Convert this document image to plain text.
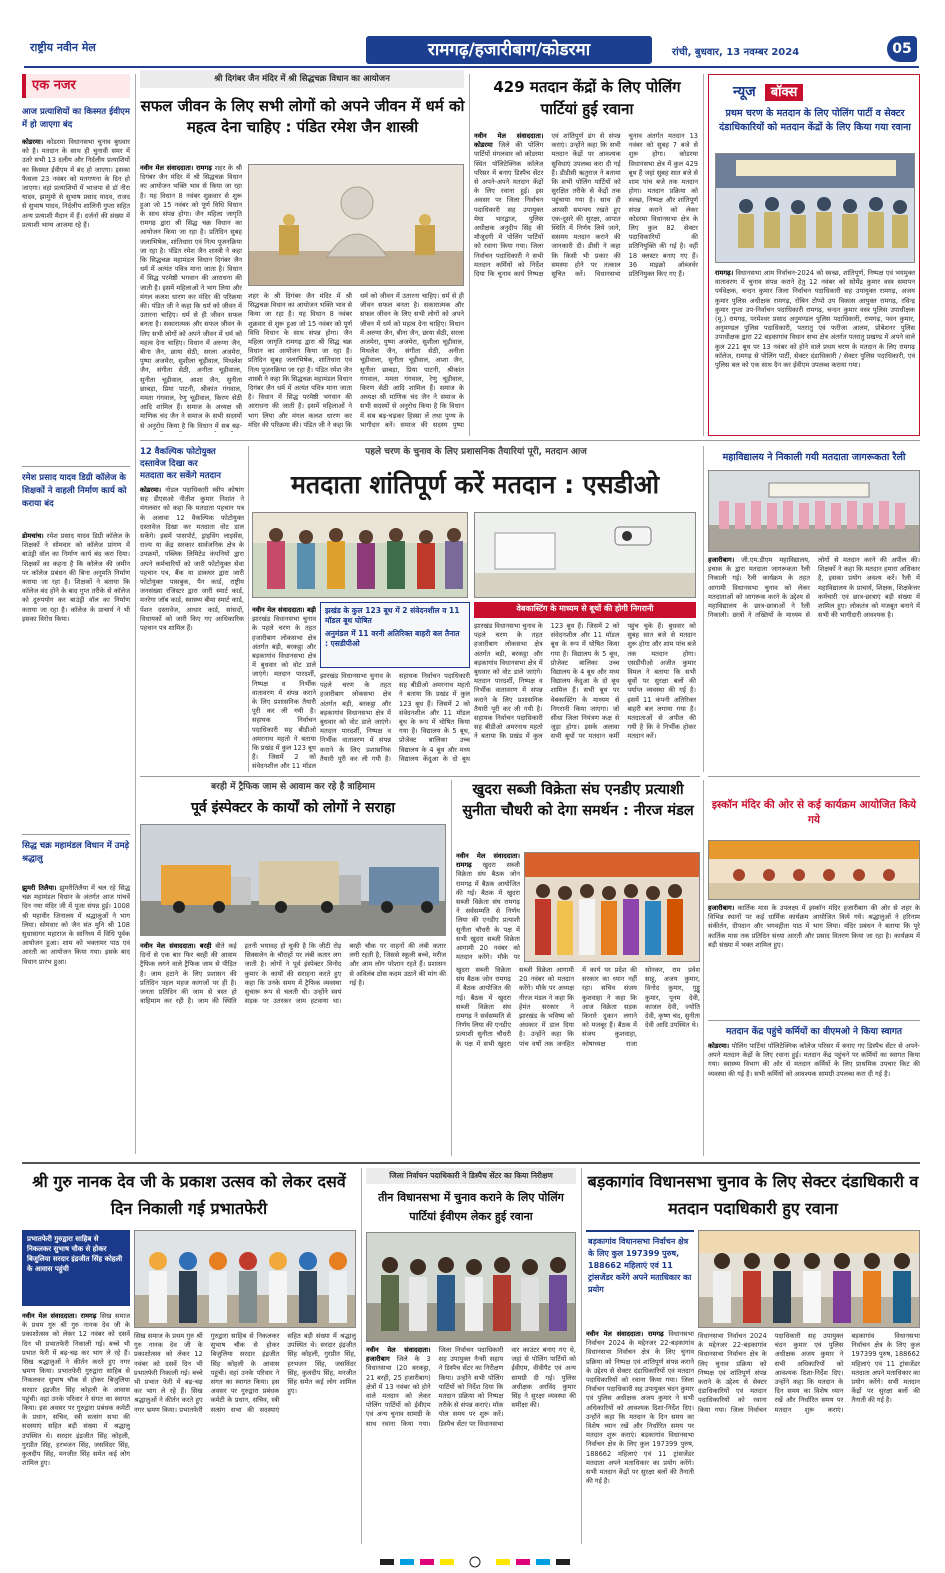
राष्ट्रीय नवीन मेल	रामगढ़/हजारीबाग/कोडरमा	रांची, बुधवार, 13 नवम्बर 2024	05
एक नजर
आज प्रत्याशियों का किस्मत ईवीएम में हो जाएगा बंद
कोडरमा। कोडरमा विधानसभा चुनाव बुधवार को है। मतदान के साथ ही चुनावी समर में उतरे सभी 13 दलीय और निर्दलीय प्रत्याशियों का किस्मत ईवीएम में बंद हो जाएगा। इसका फैसला 23 नवंबर को मतगणना के दिन हो जाएगा। वहां प्रत्याशियों में भाजपा से डॉ नीरा यादव, झामुमो से सुभाष प्रसाद यादव, राजद से सुभाष यादव, निर्दलीय शालिनी गुप्ता सहित अन्य प्रत्याशी मैदान में हैं। दर्जनों की संख्या में प्रत्याशी भाग्य आजमा रहे हैं।
रमेश प्रसाद यादव डिग्री कॉलेज के शिक्षकों ने वाहली निर्माण कार्य को कराया बंद
डोमचांच। रमेश प्रसाद यादव डिग्री कॉलेज के शिक्षकों ने सोमवार को कॉलेज प्रांगण में बाउंड्री वॉल का निर्माण कार्य बंद करा दिया। शिक्षकों का कहना है कि कॉलेज की जमीन पर कॉलेज प्रबंधन की बिना अनुमति निर्माण कराया जा रहा है। शिक्षकों ने बताया कि कॉलेज बंद होने के बाद गुप्त तरीके से कॉलेज को दुरुपयोग कर बाउंड्री वॉल का निर्माण कराया जा रहा है। कॉलेज के प्राचार्य ने भी इसका विरोध किया।
सिद्ध चक्र महामंडल विधान में उमड़े श्रद्धालु
झुमरी तिलैया। झुमरीतिलैया में चल रहे सिद्ध चक्र महामंडल विधान के अंतर्गत आज पांचवें दिन नया मंदिर जी में पूजा संपन्न हुई। 1008 श्री महावीर जिनालय में श्रद्धालुओं ने भाग लिया। सोमवार को जैन संत मुनि श्री 108 सुधासागर महाराज के सानिध्य में विधि पूर्वक आयोजन हुआ। शाम को भक्तामर पाठ एवं आरती का आयोजन किया गया। इसके बाद विधान प्रारंभ हुआ।
श्री दिगंबर जैन मंदिर में श्री सिद्धचक्र विधान का आयोजन
सफल जीवन के लिए सभी लोगों को अपने जीवन में धर्म को महत्व देना चाहिए : पंडित रमेश जैन शास्त्री
नवीन मेल संवाददाता। रामगढ़ शहर के श्री दिगंबर जैन मंदिर में श्री सिद्धचक्र विधान का आयोजन भक्ति भाव से किया जा रहा है। यह विधान 8 नवंबर शुक्रवार से शुरू हुआ जो 15 नवंबर को पूर्ण विधि विधान के साथ संपन्न होगा। जैन महिला जागृति रामगढ़ द्वारा श्री सिद्ध चक्र विधान का आयोजन किया जा रहा है। प्रतिदिन सुबह जलाभिषेक, शांतिधारा एवं नित्य पूजनक्रिया जा रहा है। पंडित रमेश जैन शास्त्री ने कहा कि सिद्धचक्र महामंडल विधान दिगंबर जैन धर्म में अत्यंत पवित्र माना जाता है। विधान में सिद्ध परमेष्ठी भगवान की आराधना की जाती है। इसमें महिलाओं ने भाग लिया और मंगल कलश धारण कर मंदिर की परिक्रमा की। पंडित जी ने कहा कि धर्म को जीवन में उतारना चाहिए। धर्म से ही जीवन सफल बनता है। सकारात्मक और सफल जीवन के लिए सभी लोगों को अपने जीवन में धर्म को महत्व देना चाहिए। विधान में अरुणा जैन, बीना जैन, छाया सेठी, सरला अजमेरा, पुष्पा अजमेरा, सुशीला चूड़ीवाल, मिथलेश जैन, संगीता सेठी, अनीता चूड़ीवाला, सुनीता चूड़ीवाल, आशा जैन, सुनीता छाबड़ा, प्रिया पाटनी, श्रीकांत गंगवाल, ममता गंगवाल, रेणु चूड़ीवाल, किरण सेठी आदि शामिल हैं। समाज के अध्यक्ष श्री माणिक चंद जैन ने समाज के सभी सदस्यों से अनुरोध किया है कि विधान में सब बढ़-
शहर के श्री दिगंबर जैन मंदिर में श्री सिद्धचक्र विधान का आयोजन भक्ति भाव से किया जा रहा है। यह विधान 8 नवंबर शुक्रवार से शुरू हुआ जो 15 नवंबर को पूर्ण विधि विधान के साथ संपन्न होगा। जैन महिला जागृति रामगढ़ द्वारा श्री सिद्ध चक्र विधान का आयोजन किया जा रहा है। प्रतिदिन सुबह जलाभिषेक, शांतिधारा एवं नित्य पूजनक्रिया जा रहा है। पंडित रमेश जैन शास्त्री ने कहा कि सिद्धचक्र महामंडल विधान दिगंबर जैन धर्म में अत्यंत पवित्र माना जाता है। विधान में सिद्ध परमेष्ठी भगवान की आराधना की जाती है। इसमें महिलाओं ने भाग लिया और मंगल कलश धारण कर मंदिर की परिक्रमा की। पंडित जी ने कहा कि धर्म को जीवन में उतारना चाहिए। धर्म से ही जीवन सफल बनता है। सकारात्मक और सफल जीवन के लिए सभी लोगों को अपने जीवन में धर्म को महत्व देना चाहिए। विधान में अरुणा जैन, बीना जैन, छाया सेठी, सरला अजमेरा, पुष्पा अजमेरा, सुशीला चूड़ीवाल, मिथलेश जैन, संगीता सेठी, अनीता चूड़ीवाला, सुनीता चूड़ीवाल, आशा जैन, सुनीता छाबड़ा, प्रिया पाटनी, श्रीकांत गंगवाल, ममता गंगवाल, रेणु चूड़ीवाल, किरण सेठी आदि शामिल हैं। समाज के अध्यक्ष श्री माणिक चंद जैन ने समाज के सभी सदस्यों से अनुरोध किया है कि विधान में सब बढ़-चढ़कर हिस्सा लें तथा पुण्य के भागीदार बनें। समाज की सदस्य पुष्पा
429 मतदान केंद्रों के लिए पोलिंग पार्टियां हुई रवाना
नवीन मेल संवाददाता। कोडरमा जिले की पोलिंग पार्टियों मंगलवार को कोडरमा स्थित पॉलिटेक्निक कॉलेज परिसर में बनाए डिस्पैच सेंटर से अपने-अपने मतदान केंद्रों के लिए रवाना हुई। इस अवसर पर जिला निर्वाचन पदाधिकारी सह उपायुक्त मेघा भारद्वाज, पुलिस अधीक्षक अनुदीप सिंह की मौजूदगी में पोलिंग पार्टियों को रवाना किया गया। जिला निर्वाचन पदाधिकारी ने सभी मतदान कर्मियों को निर्देश दिया कि चुनाव कार्य निष्पक्ष एवं शांतिपूर्ण ढंग से संपन्न कराएं। उन्होंने कहा कि सभी मतदान केंद्रों पर आवश्यक सुविधाएं उपलब्ध करा दी गई हैं। डीडीसी ऋतुराज ने बताया कि सभी पोलिंग पार्टियों को सुरक्षित तरीके से केंद्रों तक पहुंचाया गया है। साथ ही आपसी समन्वय रखते हुए एक-दूसरे की सुरक्षा, आपात स्थिति में निर्णय लिये जाने, ससमय मतदान कराने की जानकारी दी। डीसी ने कहा कि किसी भी प्रकार की समस्या होने पर तत्काल सूचित करें। विधानसभा चुनाव अंतर्गत मतदान 13 नवंबर को सुबह 7 बजे से शुरू होगा। कोडरमा विधानसभा क्षेत्र में कुल 429 बूथ हैं जहां सुबह सात बजे से शाम पांच बजे तक मतदान होगा। मतदान प्रक्रिया को स्वच्छ, निष्पक्ष और शांतिपूर्ण संपन्न कराने को लेकर कोडरमा विधानसभा क्षेत्र के लिए कुल 82 सेक्टर पदाधिकारियों की प्रतिनियुक्ति की गई है। वहीं 18 क्लस्टर बनाए गए हैं। 36 माइक्रो ऑब्जर्वर प्रतिनियुक्त किए गए हैं।
न्यूज बॉक्स
प्रथम चरण के मतदान के लिए पोलिंग पार्टी व सेक्टर दंडाधिकारियों को मतदान केंद्रों के लिए किया गया रवाना
रामगढ़। विधानसभा आम निर्वाचन-2024 को स्वच्छ, शांतिपूर्ण, निष्पक्ष एवं भयमुक्त वातावरण में चुनाव संपन्न कराने हेतु 12 नवंबर को सोमेंद्र कुमार वस्त्र समापन पर्यवेक्षक, चन्दन कुमार जिला निर्वाचन पदाधिकारी सह उपायुक्त रामगढ़, अजय कुमार पुलिस अधीक्षक रामगढ़, रोबिन टोप्पो उप विकास आयुक्त रामगढ़, रविन्द्र कुमार गुप्ता उप-निर्वाचन पदाधिकारी रामगढ़, चन्दन कुमार वस्त्र पुलिस उपाधीक्षक (मु.) रामगढ़, परमेश्वर प्रसाद अनुमण्डल पुलिस पदाधिकारी, रामगढ़, पवन कुमार, अनुमण्डल पुलिस पदाधिकारी, पतरातु एवं फरीजा आलम, प्रोबेशनर पुलिस उपाधीक्षक द्वारा 22 बड़कागांव विधान सभा क्षेत्र अंतर्गत पतरातु प्रखण्ड में अपने वाले कुल 221 बूथ पर 13 नवंबर को होने वाले प्रथम चरण के मतदान के लिए रामगढ़ कॉलेज, रामगढ़ से पोलिंग पार्टी, सेक्टर दंडाधिकारी / सेक्टर पुलिस पदाधिकारी, एवं पुलिस बल को एक साथ दैन कर ईवीएम उपलब्ध कराया गया।
12 वैकल्पिक फोटोयुक्त
दस्तावेज दिखा कर
मतदाता कर सकेंगे मतदान
कोडरमा। नोडल पदाधिकारी स्वीप कोषांग सह डीएसओ नीतीश कुमार निशांत ने मंगलवार को कहा कि मतदाता पहचान पत्र के अलावा 12 वैकल्पिक फोटोयुक्त दस्तावेज दिखा कर मतदाता वोट डाल सकेंगे। इसमें पासपोर्ट, ड्राइविंग लाइसेंस, राज्य या केंद्र सरकार सार्वजनिक क्षेत्र के उपक्रमों, पब्लिक लिमिटेड कंपनियों द्वारा अपने कर्मचारियों को जारी फोटोयुक्त सेवा पहचान पत्र, बैंक या डाकघर द्वारा जारी फोटोयुक्त पासबुक, पैन कार्ड, राष्ट्रीय जनसंख्या रजिस्टर द्वारा जारी स्मार्ट कार्ड, मनरेगा जॉब कार्ड, स्वास्थ्य बीमा स्मार्ट कार्ड, पेंशन दस्तावेज, आधार कार्ड, सांसदों, विधायकों को जारी किए गए आधिकारिक पहचान पत्र शामिल हैं।
पहले चरण के चुनाव के लिए प्रशासनिक तैयारियां पूरी, मतदान आज
मतदाता शांतिपूर्ण करें मतदान : एसडीओ
झखंड के कुल 123 बूथ में 2 संवेदनशील व 11 मॉडल बूथ घोषित
अनुमंडल में 11 वरनी अतिरिक्त बाहरी बल तैनात : एसडीपीओ
वेबकास्टिंग के माध्यम से बूथों की होगी निगरानी
नवीन मेल संवाददाता। बड़ी झारखंड विधानसभा चुनाव के पहले चरण के तहत हजारीबाग लोकसभा क्षेत्र अंतर्गत बड़ी, बरकट्ठा और बड़कागांव विधानसभा क्षेत्र में बुधवार को वोट डाले जाएंगे। मतदान पारदर्शी, निष्पक्ष व निर्भीक वातावरण में संपन्न कराने के लिए प्रशासनिक तैयारी पूरी कर ली गयी है। सहायक निर्वाचन पदाधिकारी सह बीडीओ अमरनाथ महतो ने बताया कि प्रखंड में कुल 123 बूथ हैं। जिसमें 2 को संवेदनशील और 11 मॉडल
झारखंड विधानसभा चुनाव के पहले चरण के तहत हजारीबाग लोकसभा क्षेत्र अंतर्गत बड़ी, बरकट्ठा और बड़कागांव विधानसभा क्षेत्र में बुधवार को वोट डाले जाएंगे। मतदान पारदर्शी, निष्पक्ष व निर्भीक वातावरण में संपन्न कराने के लिए प्रशासनिक तैयारी पूरी कर ली गयी है। सहायक निर्वाचन पदाधिकारी सह बीडीओ अमरनाथ महतो ने बताया कि प्रखंड में कुल 123 बूथ हैं। जिसमें 2 को संवेदनशील और 11 मॉडल बूथ के रूप में घोषित किया गया है। विद्यालय के 5 बूथ, प्रोजेक्ट बालिका उच्च विद्यालय के 4 बूथ और मध्य विद्यालय केंदुआ के दो बूथ
झारखंड विधानसभा चुनाव के पहले चरण के तहत हजारीबाग लोकसभा क्षेत्र अंतर्गत बड़ी, बरकट्ठा और बड़कागांव विधानसभा क्षेत्र में बुधवार को वोट डाले जाएंगे। मतदान पारदर्शी, निष्पक्ष व निर्भीक वातावरण में संपन्न कराने के लिए प्रशासनिक तैयारी पूरी कर ली गयी है। सहायक निर्वाचन पदाधिकारी सह बीडीओ अमरनाथ महतो ने बताया कि प्रखंड में कुल 123 बूथ हैं। जिसमें 2 को संवेदनशील और 11 मॉडल बूथ के रूप में घोषित किया गया है। विद्यालय के 5 बूथ, प्रोजेक्ट बालिका उच्च विद्यालय के 4 बूथ और मध्य विद्यालय केंदुआ के दो बूथ शामिल हैं। सभी बूथ पर वेबकास्टिंग के माध्यम से निगरानी किया जाएगा। जो सीधा जिला नियंत्रण कक्ष से जुड़ा होगा। इसके अलावा सभी बूथों पर मतदान कर्मी पहुंच चुके हैं। बुधवार को सुबह सात बजे से मतदान शुरू होगा और शाम पांच बजे तक मतदान होगा। एसडीपीओ अजीत कुमार विमल ने बताया कि सभी बूथों पर सुरक्षा बलों की पर्याप्त व्यवस्था की गई है। इसमें 11 कंपनी अतिरिक्त बाहरी बल लगाया गया है। मतदाताओं से अपील की गयी है कि वे निर्भीक होकर मतदान करें।
महाविद्यालय ने निकाली गयी मतदाता जागरूकता रैली
हजारीबाग। जी.एम.डीएम महाविद्यालय, इचाक के द्वारा मतदाता जागरूकता रैली निकाली गई। रैली कार्यक्रम के तहत आगामी विधानसभा चुनाव को लेकर मतदाताओं को जागरूक करने के उद्देश्य से महाविद्यालय के छात्र-छात्राओं ने रैली निकाली। छात्रों ने तख्तियों के माध्यम से लोगों से मतदान करने की अपील की। शिक्षकों ने कहा कि मतदान हमारा अधिकार है, इसका प्रयोग अवश्य करें। रैली में महाविद्यालय के प्राचार्य, शिक्षक, शिक्षकेत्तर कर्मचारी एवं छात्र-छात्राएं बड़ी संख्या में शामिल हुए। लोकतंत्र को मजबूत बनाने में सभी की भागीदारी आवश्यक है।
बरही में ट्रैफिक जाम से आवाम कर रहे है त्राहिमाम
पूर्व इंस्पेक्टर के कार्यों को लोगों ने सराहा
नवीन मेल संवाददाता। बरही बीते कई दिनों से एक बार फिर बरही की आवाम ट्रैफिक लगने वाले ट्रैफिक जाम से पीड़ित है। जाम हटाने के लिए प्रशासन की प्रतिदिन पहल महज कागजों पर ही है। जनता प्रतिदिन की जाम से त्रस्त हो त्राहिमाम कर रही है। जाम की स्थिति इतनी भयावह हो चुकी है कि जीटी रोड़ सिक्सलेन के चौराहों पर लंबी कतार लग जाती है। लोगों ने पूर्व इंस्पेक्टर विनोद कुमार के कार्यों की सराहना करते हुए कहा कि उनके समय में ट्रैफिक व्यवस्था सुचारू रूप से चलती थी। उन्होंने स्वयं सड़क पर उतरकर जाम हटवाया था। बरही चौक पर वाहनों की लंबी कतार लगी रहती है, जिससे स्कूली बच्चे, मरीज और आम लोग परेशान रहते हैं। प्रशासन से अविलंब ठोस कदम उठाने की मांग की गई है।
खुदरा सब्जी विक्रेता संघ एनडीए प्रत्याशी सुनीता चौधरी को देगा समर्थन : नीरज मंडल
नवीन मेल संवाददाता। रामगढ़ खुदरा सब्जी विक्रेता संघ बैठक जोन रामगढ़ में बैठक आयोजित की गई। बैठक में खुदरा सब्जी विक्रेता संघ रामगढ़ ने सर्वसम्मति से निर्णय लिया की एनडीए प्रत्याशी सुनीता चौधरी के पक्ष में सभी खुदरा सब्जी विक्रेता आगामी 20 नवंबर को मतदान करेंगे। मौके पर
खुदरा सब्जी विक्रेता संघ बैठक जोन रामगढ़ में बैठक आयोजित की गई। बैठक में खुदरा सब्जी विक्रेता संघ रामगढ़ ने सर्वसम्मति से निर्णय लिया की एनडीए प्रत्याशी सुनीता चौधरी के पक्ष में सभी खुदरा सब्जी विक्रेता आगामी 20 नवंबर को मतदान करेंगे। मौके पर अध्यक्ष नीरज मंडल ने कहा कि हेमंत सरकार ने झारखंड के भविष्य को अंधकार में डाल दिया है। उन्होंने कहा कि पांच वर्षों तक जनहित में कार्य पर प्रदेश की सरकार का ध्यान नहीं रहा। सचिव संजय कुशवाहा ने कहा कि आज विक्रेता सड़क किनारे दुकान लगाने को मजबूर हैं। बैठक में संजय कुशवाहा, कोषाध्यक्ष राजा सोनकर, राम प्रवेश साहू, अजय कुमार, विनोद कुमार, गुड्डू कुमार, पूनम देवी, काजल देवी, ज्योति देवी, कृष्ण चंद, सुनीता देवी आदि उपस्थित थे।
इस्कॉन मंदिर की ओर से कई कार्यक्रम आयोजित किये गये
हजारीबाग। कार्तिक मास के उपलक्ष्य में इस्कॉन मंदिर हजारीबाग की ओर से शहर के विभिन्न स्थानों पर कई धार्मिक कार्यक्रम आयोजित किये गये। श्रद्धालुओं ने हरिनाम संकीर्तन, दीपदान और भगवद्गीता पाठ में भाग लिया। मंदिर प्रबंधन ने बताया कि पूरे कार्तिक मास तक प्रतिदिन संध्या आरती और प्रसाद वितरण किया जा रहा है। कार्यक्रम में बड़ी संख्या में भक्त शामिल हुए।
मतदान केंद्र पहुंचे कर्मियों का वीएमओ ने किया स्वागत
कोडरमा। पोलिंग पार्टियां पॉलिटेक्निक कॉलेज परिसर में बनाए गए डिस्पैच सेंटर से अपने-अपने मतदान केंद्रों के लिए रवाना हुई। मतदान केंद्र पहुंचने पर कर्मियों का स्वागत किया गया। स्वास्थ्य विभाग की ओर से मतदान कर्मियों के लिए प्राथमिक उपचार किट की व्यवस्था की गई है। सभी कर्मियों को आवश्यक सामग्री उपलब्ध करा दी गई है।
श्री गुरु नानक देव जी के प्रकाश उत्सव को लेकर दसवें दिन निकाली गई प्रभातफेरी
प्रभातफेरी गुरुद्वारा साहिब से निकलकर सुभाष चौक से होकर बिजुलिया सरदार इंद्रजीत सिंह कोहली के आवास पहुंची
नवीन मेल संवाददाता। रामगढ़ सिख समाज के प्रथम गुरु श्री गुरु नानक देव जी के प्रकाशोत्सव को लेकर 12 नवंबर को दसवें दिन भी प्रभातफेरी निकाली गई। बच्चे भी प्रभात फेरी में बढ़-चढ़ कर भाग ले रहे हैं। सिख श्रद्धालुओं ने कीर्तन करते हुए नगर भ्रमण किया। प्रभातफेरी गुरुद्वारा साहिब से निकलकर सुभाष चौक से होकर बिजुलिया सरदार इंद्रजीत सिंह कोहली के आवास पहुंची। वहां उनके परिवार ने संगत का स्वागत किया। इस अवसर पर गुरुद्वारा प्रबंधक कमेटी के प्रधान, सचिव, स्त्री सत्संग सभा की सदस्याएं सहित बड़ी संख्या में श्रद्धालु उपस्थित थे। सरदार इंद्रजीत सिंह कोहली, गुरप्रीत सिंह, हरभजन सिंह, जसविंदर सिंह, कुलदीप सिंह, मनजीत सिंह समेत कई लोग शामिल हुए।
सिख समाज के प्रथम गुरु श्री गुरु नानक देव जी के प्रकाशोत्सव को लेकर 12 नवंबर को दसवें दिन भी प्रभातफेरी निकाली गई। बच्चे भी प्रभात फेरी में बढ़-चढ़ कर भाग ले रहे हैं। सिख श्रद्धालुओं ने कीर्तन करते हुए नगर भ्रमण किया। प्रभातफेरी गुरुद्वारा साहिब से निकलकर सुभाष चौक से होकर बिजुलिया सरदार इंद्रजीत सिंह कोहली के आवास पहुंची। वहां उनके परिवार ने संगत का स्वागत किया। इस अवसर पर गुरुद्वारा प्रबंधक कमेटी के प्रधान, सचिव, स्त्री सत्संग सभा की सदस्याएं सहित बड़ी संख्या में श्रद्धालु उपस्थित थे। सरदार इंद्रजीत सिंह कोहली, गुरप्रीत सिंह, हरभजन सिंह, जसविंदर सिंह, कुलदीप सिंह, मनजीत सिंह समेत कई लोग शामिल हुए।
जिला निर्वाचन पदाधिकारी ने डिस्पैच सेंटर का किया निरीक्षण
तीन विधानसभा में चुनाव कराने के लिए पोलिंग पार्टियां ईवीएम लेकर हुई रवाना
नवीन मेल संवाददाता। हजारीबाग जिले के 3 विधानसभा (20 बरकट्ठा, 21 बरही, 25 हजारीबाग) क्षेत्रों में 13 नवंबर को होने वाले मतदान को लेकर पोलिंग पार्टियों को ईवीएम एवं अन्य चुनाव सामग्री के साथ रवाना किया गया। जिला निर्वाचन पदाधिकारी सह उपायुक्त नैन्सी सहाय ने डिस्पैच सेंटर का निरीक्षण किया। उन्होंने सभी पोलिंग पार्टियों को निर्देश दिया कि मतदान प्रक्रिया को निष्पक्ष तरीके से संपन्न कराएं। मॉक पोल समय पर शुरू करें। डिस्पैच सेंटर पर विधानसभा वार काउंटर बनाए गए थे, जहां से पोलिंग पार्टियों को ईवीएम, वीवीपैट एवं अन्य सामग्री दी गई। पुलिस अधीक्षक अरविंद कुमार सिंह ने सुरक्षा व्यवस्था की समीक्षा की।
बड़कागांव विधानसभा चुनाव के लिए सेक्टर दंडाधिकारी व मतदान पदाधिकारी हुए रवाना
बड़कागांव विधानसभा निर्वाचन क्षेत्र के लिए कुल 197399 पुरुष, 188662 महिलाएं एवं 11 ट्रांसजेंडर करेंगे अपने मताधिकार का प्रयोग
नवीन मेल संवाददाता। रामगढ़ विधानसभा निर्वाचन 2024 के मद्देनजर 22-बड़कागांव विधानसभा निर्वाचन क्षेत्र के लिए चुनाव प्रक्रिया को निष्पक्ष एवं शांतिपूर्ण संपन्न कराने के उद्देश्य से सेक्टर दंडाधिकारियों एवं मतदान पदाधिकारियों को रवाना किया गया। जिला निर्वाचन पदाधिकारी सह उपायुक्त चंदन कुमार एवं पुलिस अधीक्षक अजय कुमार ने सभी अधिकारियों को आवश्यक दिशा-निर्देश दिए। उन्होंने कहा कि मतदान के दिन समय का विशेष ध्यान रखें और निर्धारित समय पर मतदान शुरू कराएं। बड़कागांव विधानसभा निर्वाचन क्षेत्र के लिए कुल 197399 पुरुष, 188662 महिलाएं एवं 11 ट्रांसजेंडर मतदाता अपने मताधिकार का प्रयोग करेंगे। सभी मतदान केंद्रों पर सुरक्षा बलों की तैनाती की गई है।
विधानसभा निर्वाचन 2024 के मद्देनजर 22-बड़कागांव विधानसभा निर्वाचन क्षेत्र के लिए चुनाव प्रक्रिया को निष्पक्ष एवं शांतिपूर्ण संपन्न कराने के उद्देश्य से सेक्टर दंडाधिकारियों एवं मतदान पदाधिकारियों को रवाना किया गया। जिला निर्वाचन पदाधिकारी सह उपायुक्त चंदन कुमार एवं पुलिस अधीक्षक अजय कुमार ने सभी अधिकारियों को आवश्यक दिशा-निर्देश दिए। उन्होंने कहा कि मतदान के दिन समय का विशेष ध्यान रखें और निर्धारित समय पर मतदान शुरू कराएं। बड़कागांव विधानसभा निर्वाचन क्षेत्र के लिए कुल 197399 पुरुष, 188662 महिलाएं एवं 11 ट्रांसजेंडर मतदाता अपने मताधिकार का प्रयोग करेंगे। सभी मतदान केंद्रों पर सुरक्षा बलों की तैनाती की गई है।
